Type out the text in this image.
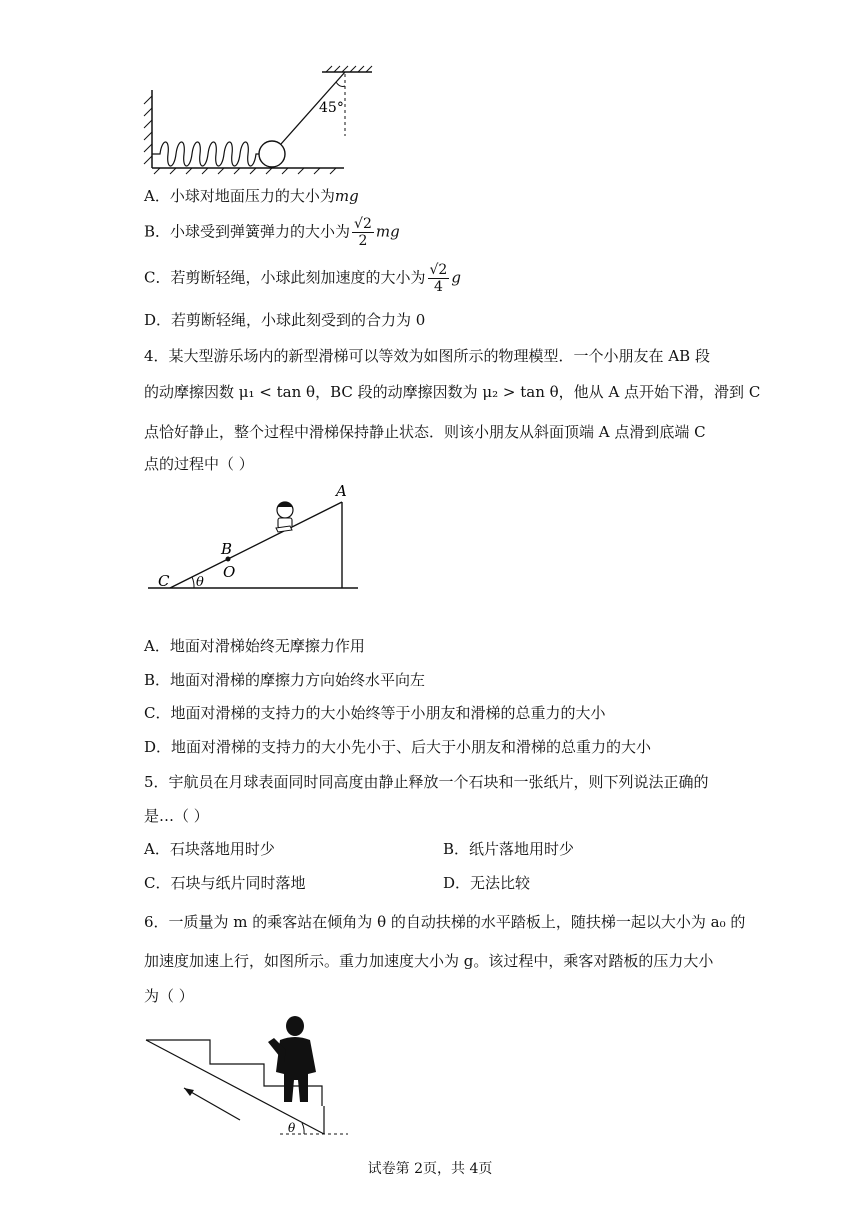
45°
A．小球对地面压力的大小为mg
B．小球受到弹簧弹力的大小为 $\frac{√2}{2}$ mg
C．若剪断轻绳，小球此刻加速度的大小为 $\frac{√2}{4}$ g
D．若剪断轻绳，小球此刻受到的合力为 0
4．某大型游乐场内的新型滑梯可以等效为如图所示的物理模型．一个小朋友在 AB 段
的动摩擦因数 μ₁ < tan θ，BC 段的动摩擦因数为 μ₂ > tan θ，他从 A 点开始下滑，滑到 C
点恰好静止，整个过程中滑梯保持静止状态．则该小朋友从斜面顶端 A 点滑到底端 C
点的过程中（ ）
A
B
O
C θ
A．地面对滑梯始终无摩擦力作用
B．地面对滑梯的摩擦力方向始终水平向左
C．地面对滑梯的支持力的大小始终等于小朋友和滑梯的总重力的大小
D．地面对滑梯的支持力的大小先小于、后大于小朋友和滑梯的总重力的大小
5．宇航员在月球表面同时同高度由静止释放一个石块和一张纸片，则下列说法正确的
是…（ ）
A．石块落地用时少	B．纸片落地用时少
C．石块与纸片同时落地	D．无法比较
6．一质量为 m 的乘客站在倾角为 θ 的自动扶梯的水平踏板上，随扶梯一起以大小为 a₀ 的
加速度加速上行，如图所示。重力加速度大小为 g。该过程中，乘客对踏板的压力大小
为（ ）
θ
试卷第 2页，共 4页
